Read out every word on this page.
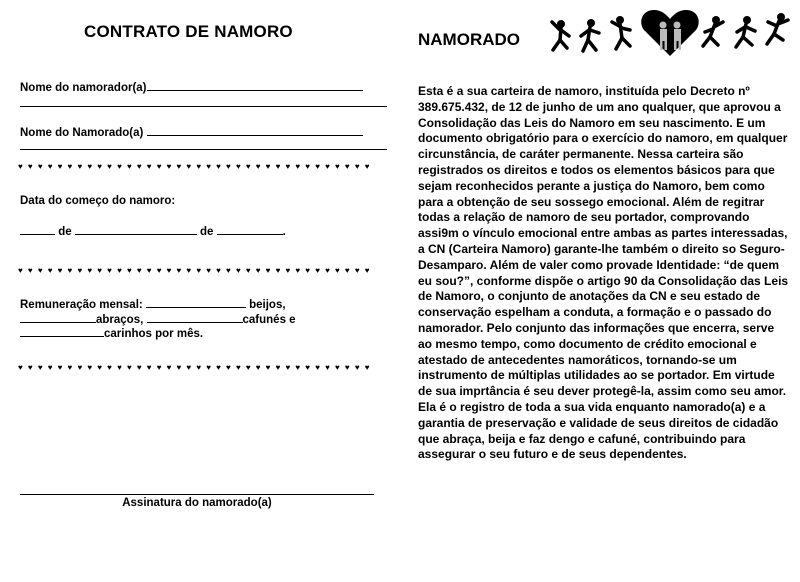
CONTRATO DE NAMORO
Nome do namorador(a)
Nome do Namorado(a)
♥ ♥ ♥ ♥ ♥ ♥ ♥ ♥ ♥ ♥ ♥ ♥ ♥ ♥ ♥ ♥ ♥ ♥ ♥ ♥ ♥ ♥ ♥ ♥ ♥ ♥ ♥ ♥ ♥ ♥ ♥ ♥ ♥ ♥ ♥ ♥
Data do começo do namoro:
de	de	.
♥ ♥ ♥ ♥ ♥ ♥ ♥ ♥ ♥ ♥ ♥ ♥ ♥ ♥ ♥ ♥ ♥ ♥ ♥ ♥ ♥ ♥ ♥ ♥ ♥ ♥ ♥ ♥ ♥ ♥ ♥ ♥ ♥ ♥ ♥ ♥
Remuneração mensal:	beijos,
abraços,	cafunés e
carinhos por mês.
♥ ♥ ♥ ♥ ♥ ♥ ♥ ♥ ♥ ♥ ♥ ♥ ♥ ♥ ♥ ♥ ♥ ♥ ♥ ♥ ♥ ♥ ♥ ♥ ♥ ♥ ♥ ♥ ♥ ♥ ♥ ♥ ♥ ♥ ♥ ♥
Assinatura do namorado(a)
NAMORADO
Esta é a sua carteira de namoro, instituída pelo Decreto nº 389.675.432, de 12 de junho de um ano qualquer, que aprovou a Consolidação das Leis do Namoro em seu nascimento. E um documento obrigatório para o exercício do namoro, em qualquer circunstância, de caráter permanente. Nessa carteira são registrados os direitos e todos os elementos básicos para que sejam reconhecidos perante a justiça do Namoro, bem como para a obtenção de seu sossego emocional. Além de regitrar todas a relação de namoro de seu portador, comprovando assi9m o vínculo emocional entre ambas as partes interessadas, a CN (Carteira Namoro) garante-lhe também o direito so Seguro-Desamparo. Além de valer como provade Identidade: “de quem eu sou?”, conforme dispõe o artigo 90 da Consolidação das Leis de Namoro, o conjunto de anotações da CN e seu estado de conservação espelham a conduta, a formação e o passado do namorador. Pelo conjunto das informações que encerra, serve ao mesmo tempo, como documento de crédito emocional e atestado de antecedentes namoráticos, tornando-se um instrumento de múltiplas utilidades ao se portador. Em virtude de sua imprtância é seu dever protegê-la, assim como seu amor. Ela é o registro de toda a sua vida enquanto namorado(a) e a garantia de preservação e validade de seus direitos de cidadão que abraça, beija e faz dengo e cafuné, contribuindo para assegurar o seu futuro e de seus dependentes.
